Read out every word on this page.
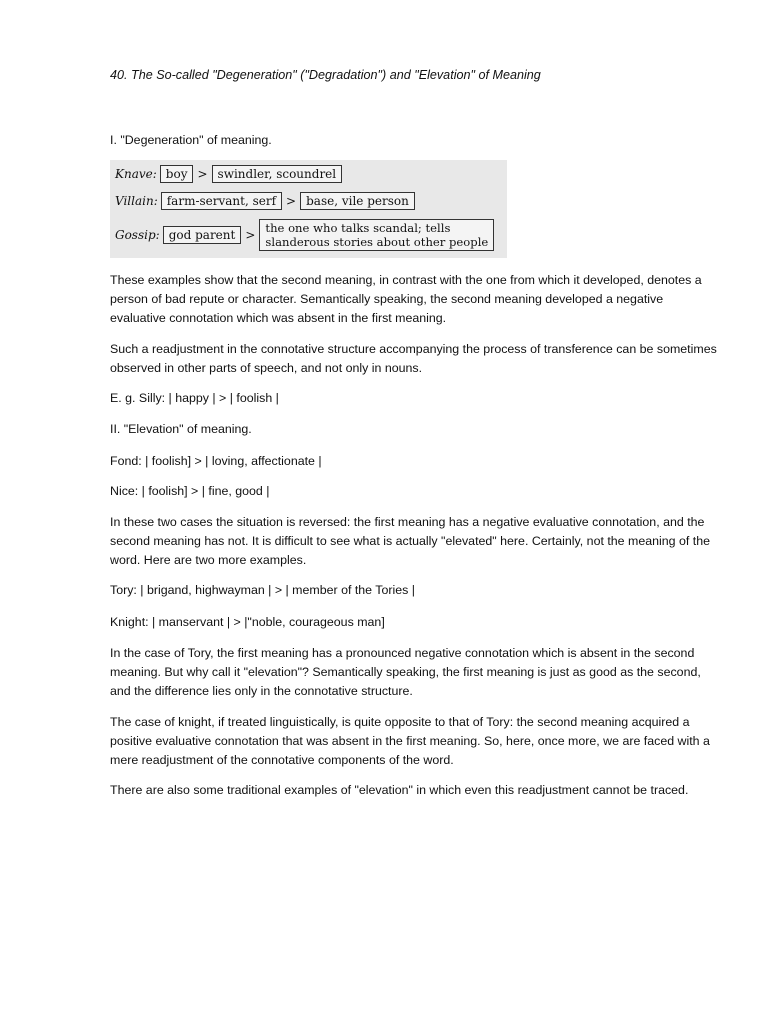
40. The So-called "Degeneration" ("Degradation") and "Elevation" of Meaning

I. "Degeneration" of meaning.

Knave: boy > swindler, scoundrel
Villain: farm-servant, serf > base, vile person
Gossip: god parent > the one who talks scandal; tells
slanderous stories about other people

These examples show that the second meaning, in contrast with the one from which it developed, denotes a person of bad repute or character. Semantically speaking, the second meaning developed a negative evaluative connotation which was absent in the first meaning.

Such a readjustment in the connotative structure accompanying the process of transference can be sometimes observed in other parts of speech, and not only in nouns.

E. g. Silly: | happy | > | foolish |

II. "Elevation" of meaning.

Fond: | foolish] > | loving, affectionate |

Nice: | foolish] > | fine, good |

In these two cases the situation is reversed: the first meaning has a negative evaluative connotation, and the second meaning has not. It is difficult to see what is actually "elevated" here. Certainly, not the meaning of the word. Here are two more examples.

Tory: | brigand, highwayman | > | member of the Tories |

Knight: | manservant | > |"noble, courageous man]

In the case of Tory, the first meaning has a pronounced negative connotation which is absent in the second meaning. But why call it "elevation"? Semantically speaking, the first meaning is just as good as the second, and the difference lies only in the connotative structure.

The case of knight, if treated linguistically, is quite opposite to that of Tory: the second meaning acquired a positive evaluative connotation that was absent in the first meaning. So, here, once more, we are faced with a mere readjustment of the connotative components of the word.

There are also some traditional examples of "elevation" in which even this readjustment cannot be traced.
